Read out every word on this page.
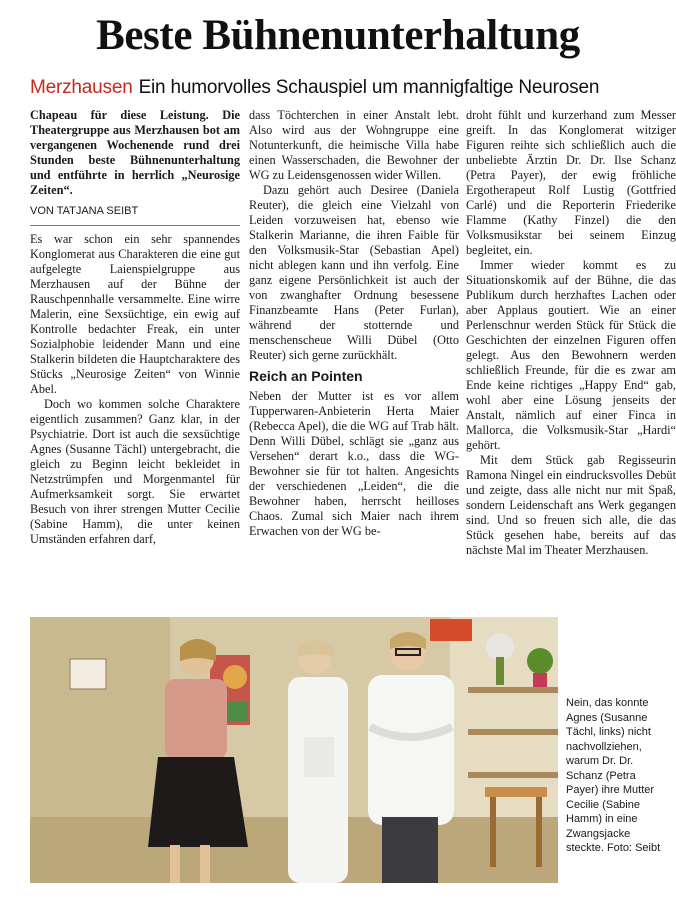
Beste Bühnenunterhaltung
Merzhausen Ein humorvolles Schauspiel um mannigfaltige Neurosen

Chapeau für diese Leistung. Die Theatergruppe aus Merzhausen bot am vergangenen Wochenende rund drei Stunden beste Bühnenunterhaltung und entführte in herrlich „Neurosige Zeiten“.

VON TATJANA SEIBT

Es war schon ein sehr spannendes Konglomerat aus Charakteren die eine gut aufgelegte Laienspielgruppe aus Merzhausen auf der Bühne der Rauschpennhalle versammelte. Eine wirre Malerin, eine Sexsüchtige, ein ewig auf Kontrolle bedachter Freak, ein unter Sozialphobie leidender Mann und eine Stalkerin bildeten die Hauptcharaktere des Stücks „Neurosige Zeiten“ von Winnie Abel.

Doch wo kommen solche Charaktere eigentlich zusammen? Ganz klar, in der Psychiatrie. Dort ist auch die sexsüchtige Agnes (Susanne Tächl) untergebracht, die gleich zu Beginn leicht bekleidet in Netzstrümpfen und Morgenmantel für Aufmerksamkeit sorgt. Sie erwartet Besuch von ihrer strengen Mutter Cecilie (Sabine Hamm), die unter keinen Umständen erfahren darf,

dass Töchterchen in einer Anstalt lebt. Also wird aus der Wohngruppe eine Notunterkunft, die heimische Villa habe einen Wasserschaden, die Bewohner der WG zu Leidensgenossen wider Willen.

Dazu gehört auch Desiree (Daniela Reuter), die gleich eine Vielzahl von Leiden vorzuweisen hat, ebenso wie Stalkerin Marianne, die ihren Faible für den Volksmusik-Star (Sebastian Apel) nicht ablegen kann und ihn verfolg. Eine ganz eigene Persönlichkeit ist auch der von zwanghafter Ordnung besessene Finanzbeamte Hans (Peter Furlan), während der stotternde und menschenscheue Willi Dübel (Otto Reuter) sich gerne zurückhält.

Reich an Pointen

Neben der Mutter ist es vor allem Tupperwaren-Anbieterin Herta Maier (Rebecca Apel), die die WG auf Trab hält. Denn Willi Dübel, schlägt sie „ganz aus Versehen“ derart k.o., dass die WG-Bewohner sie für tot halten. Angesichts der verschiedenen „Leiden“, die die Bewohner haben, herrscht heilloses Chaos. Zumal sich Maier nach ihrem Erwachen von der WG be-

droht fühlt und kurzerhand zum Messer greift. In das Konglomerat witziger Figuren reihte sich schließlich auch die unbeliebte Ärztin Dr. Dr. Ilse Schanz (Petra Payer), der ewig fröhliche Ergotherapeut Rolf Lustig (Gottfried Carlé) und die Reporterin Friederike Flamme (Kathy Finzel) die den Volksmusikstar bei seinem Einzug begleitet, ein.

Immer wieder kommt es zu Situationskomik auf der Bühne, die das Publikum durch herzhaftes Lachen oder aber Applaus goutiert. Wie an einer Perlenschnur werden Stück für Stück die Geschichten der einzelnen Figuren offen gelegt. Aus den Bewohnern werden schließlich Freunde, für die es zwar am Ende keine richtiges „Happy End“ gab, wohl aber eine Lösung jenseits der Anstalt, nämlich auf einer Finca in Mallorca, die Volksmusik-Star „Hardi“ gehört.

Mit dem Stück gab Regisseurin Ramona Ningel ein eindrucksvolles Debüt und zeigte, dass alle nicht nur mit Spaß, sondern Leidenschaft ans Werk gegangen sind. Und so freuen sich alle, die das Stück gesehen habe, bereits auf das nächste Mal im Theater Merzhausen.

Nein, das konnte Agnes (Susanne Tächl, links) nicht nachvollziehen, warum Dr. Dr. Schanz (Petra Payer) ihre Mutter Cecilie (Sabine Hamm) in eine Zwangsjacke steckte. Foto: Seibt
